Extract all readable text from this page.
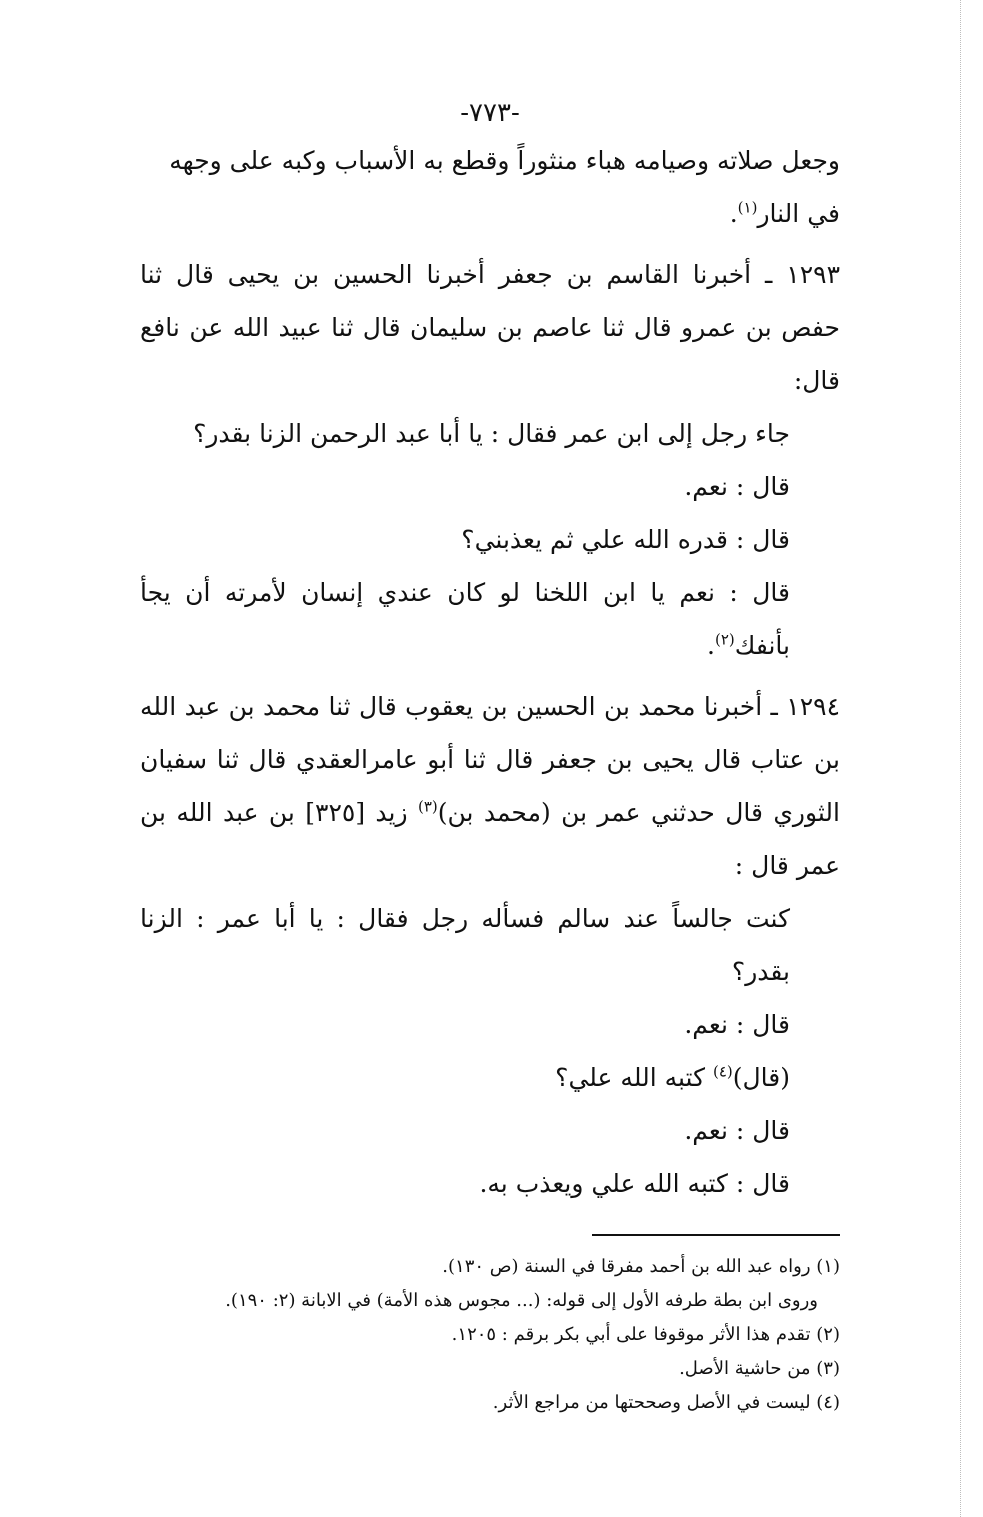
-٧٧٣-

وجعل صلاته وصيامه هباء منثوراً وقطع به الأسباب وكبه على وجهه

في النار$^{(١)}$.

١٢٩٣ ـ أخبرنا القاسم بن جعفر أخبرنا الحسين بن يحيى قال ثنا حفص بن عمرو قال ثنا عاصم بن سليمان قال ثنا عبيد الله عن نافع قال:

جاء رجل إلى ابن عمر فقال : يا أبا عبد الرحمن الزنا بقدر؟

قال : نعم.

قال : قدره الله علي ثم يعذبني؟

قال : نعم يا ابن اللخنا لو كان عندي إنسان لأمرته أن يجأ بأنفك$^{(٢)}$.

١٢٩٤ ـ أخبرنا محمد بن الحسين بن يعقوب قال ثنا محمد بن عبد الله بن عتاب قال يحيى بن جعفر قال ثنا أبو عامرالعقدي قال ثنا سفيان الثوري قال حدثني عمر بن (محمد بن)$^{(٣)}$ زيد [٣٢٥] بن عبد الله بن عمر قال :

كنت جالساً عند سالم فسأله رجل فقال : يا أبا عمر : الزنا بقدر؟

قال : نعم.

(قال)$^{(٤)}$ كتبه الله علي؟

قال : نعم.

قال : كتبه الله علي ويعذب به.

(١) رواه عبد الله بن أحمد مفرقا في السنة (ص ١٣٠).

وروى ابن بطة طرفه الأول إلى قوله: (... مجوس هذه الأمة) في الابانة (٢: ١٩٠).

(٢) تقدم هذا الأثر موقوفا على أبي بكر برقم : ١٢٠٥.

(٣) من حاشية الأصل.

(٤) ليست في الأصل وصححتها من مراجع الأثر.
